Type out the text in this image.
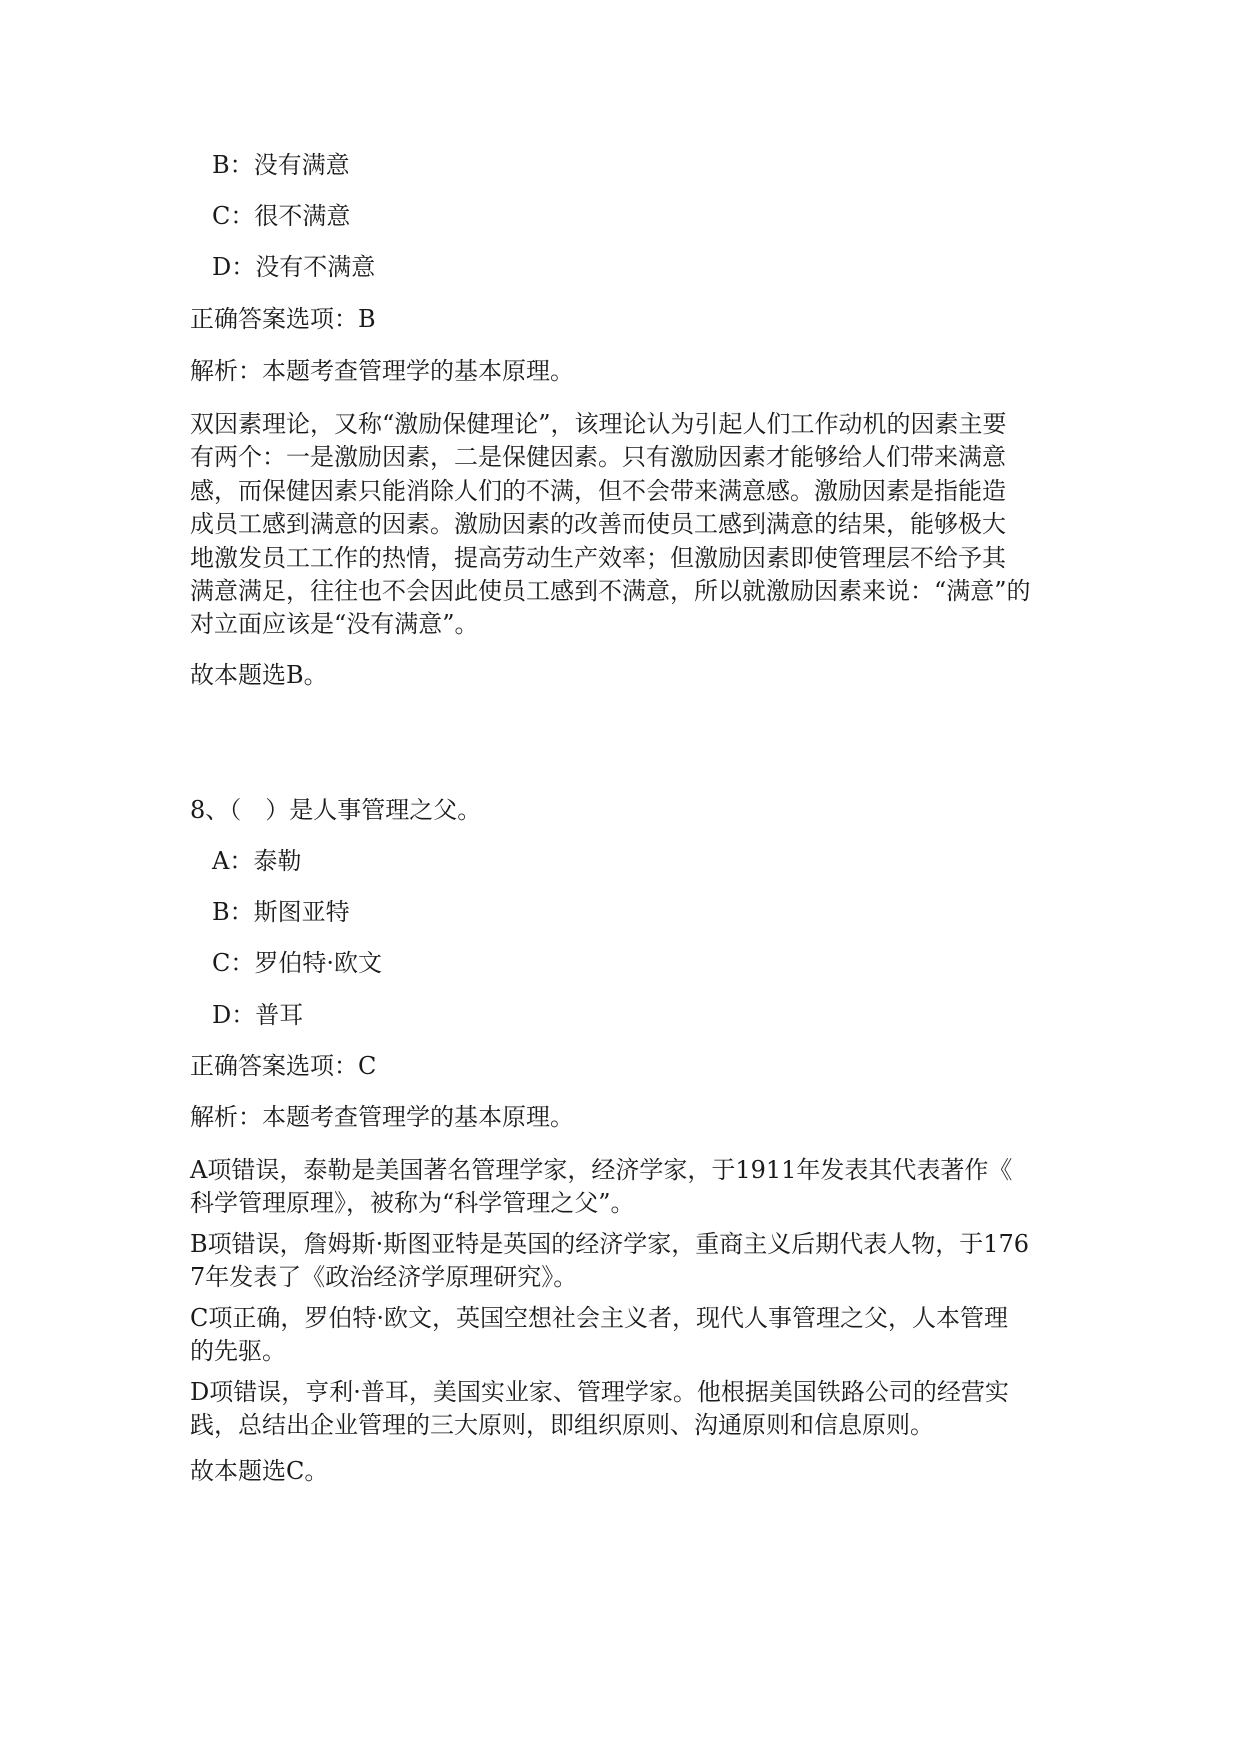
B：没有满意
C：很不满意
D：没有不满意
正确答案选项：B
解析：本题考查管理学的基本原理。
双因素理论，又称“激励保健理论”，该理论认为引起人们工作动机的因素主要
有两个：一是激励因素，二是保健因素。只有激励因素才能够给人们带来满意
感，而保健因素只能消除人们的不满，但不会带来满意感。激励因素是指能造
成员工感到满意的因素。激励因素的改善而使员工感到满意的结果，能够极大
地激发员工工作的热情，提高劳动生产效率；但激励因素即使管理层不给予其
满意满足，往往也不会因此使员工感到不满意，所以就激励因素来说：“满意”的
对立面应该是“没有满意”。
故本题选B。
8、（　）是人事管理之父。
A：泰勒
B：斯图亚特
C：罗伯特·欧文
D：普耳
正确答案选项：C
解析：本题考查管理学的基本原理。
A项错误，泰勒是美国著名管理学家，经济学家，于1911年发表其代表著作《
科学管理原理》，被称为“科学管理之父”。
B项错误，詹姆斯·斯图亚特是英国的经济学家，重商主义后期代表人物，于176
7年发表了《政治经济学原理研究》。
C项正确，罗伯特·欧文，英国空想社会主义者，现代人事管理之父，人本管理
的先驱。
D项错误，亨利·普耳，美国实业家、管理学家。他根据美国铁路公司的经营实
践，总结出企业管理的三大原则，即组织原则、沟通原则和信息原则。
故本题选C。
